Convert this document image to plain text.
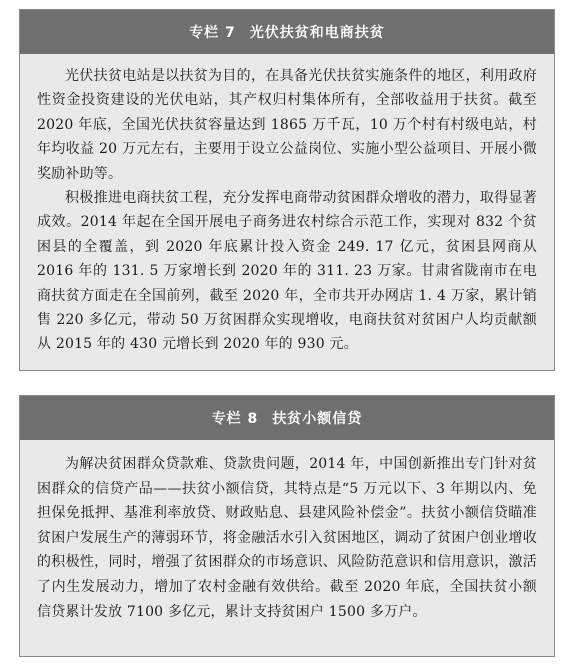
专栏 7 光伏扶贫和电商扶贫

光伏扶贫电站是以扶贫为目的，在具备光伏扶贫实施条件的地区，利用政府性资金投资建设的光伏电站，其产权归村集体所有，全部收益用于扶贫。截至 2020 年底，全国光伏扶贫容量达到 1865 万千瓦，10 万个村有村级电站，村年均收益 20 万元左右，主要用于设立公益岗位、实施小型公益项目、开展小微奖励补助等。

积极推进电商扶贫工程，充分发挥电商带动贫困群众增收的潜力，取得显著成效。2014 年起在全国开展电子商务进农村综合示范工作，实现对 832 个贫困县的全覆盖，到 2020 年底累计投入资金 249. 17 亿元，贫困县网商从 2016 年的 131. 5 万家增长到 2020 年的 311. 23 万家。甘肃省陇南市在电商扶贫方面走在全国前列，截至 2020 年，全市共开办网店 1. 4 万家，累计销售 220 多亿元，带动 50 万贫困群众实现增收，电商扶贫对贫困户人均贡献额从 2015 年的 430 元增长到 2020 年的 930 元。

专栏 8 扶贫小额信贷

为解决贫困群众贷款难、贷款贵问题，2014 年，中国创新推出专门针对贫困群众的信贷产品——扶贫小额信贷，其特点是“5 万元以下、3 年期以内、免担保免抵押、基准利率放贷、财政贴息、县建风险补偿金”。扶贫小额信贷瞄准贫困户发展生产的薄弱环节，将金融活水引入贫困地区，调动了贫困户创业增收的积极性，同时，增强了贫困群众的市场意识、风险防范意识和信用意识，激活了内生发展动力，增加了农村金融有效供给。截至 2020 年底，全国扶贫小额信贷累计发放 7100 多亿元，累计支持贫困户 1500 多万户。
